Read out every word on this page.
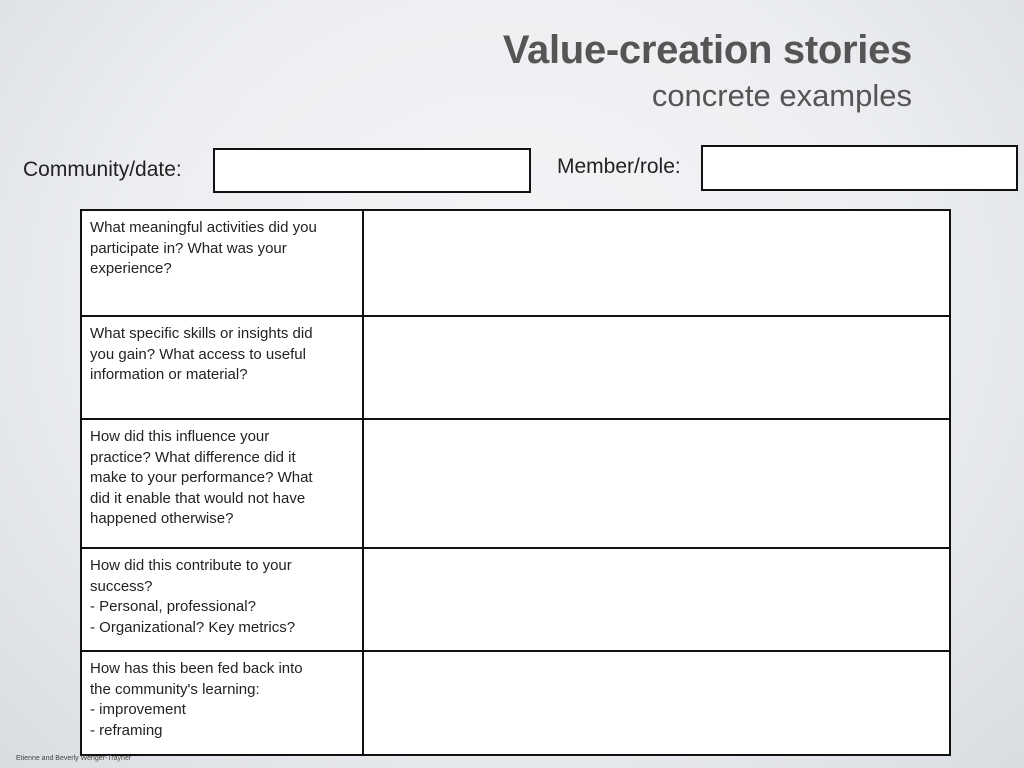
Value-creation stories
concrete examples
Community/date:	Member/role:
What meaningful activities did you
participate in? What was your
experience?
What specific skills or insights did
you gain? What access to useful
information or material?
How did this influence your
practice? What difference did it
make to your performance? What
did it enable that would not have
happened otherwise?
How did this contribute to your
success?
- Personal, professional?
- Organizational? Key metrics?
How has this been fed back into
the community's learning:
- improvement
- reframing
Etienne and Beverly Wenger-Trayner
